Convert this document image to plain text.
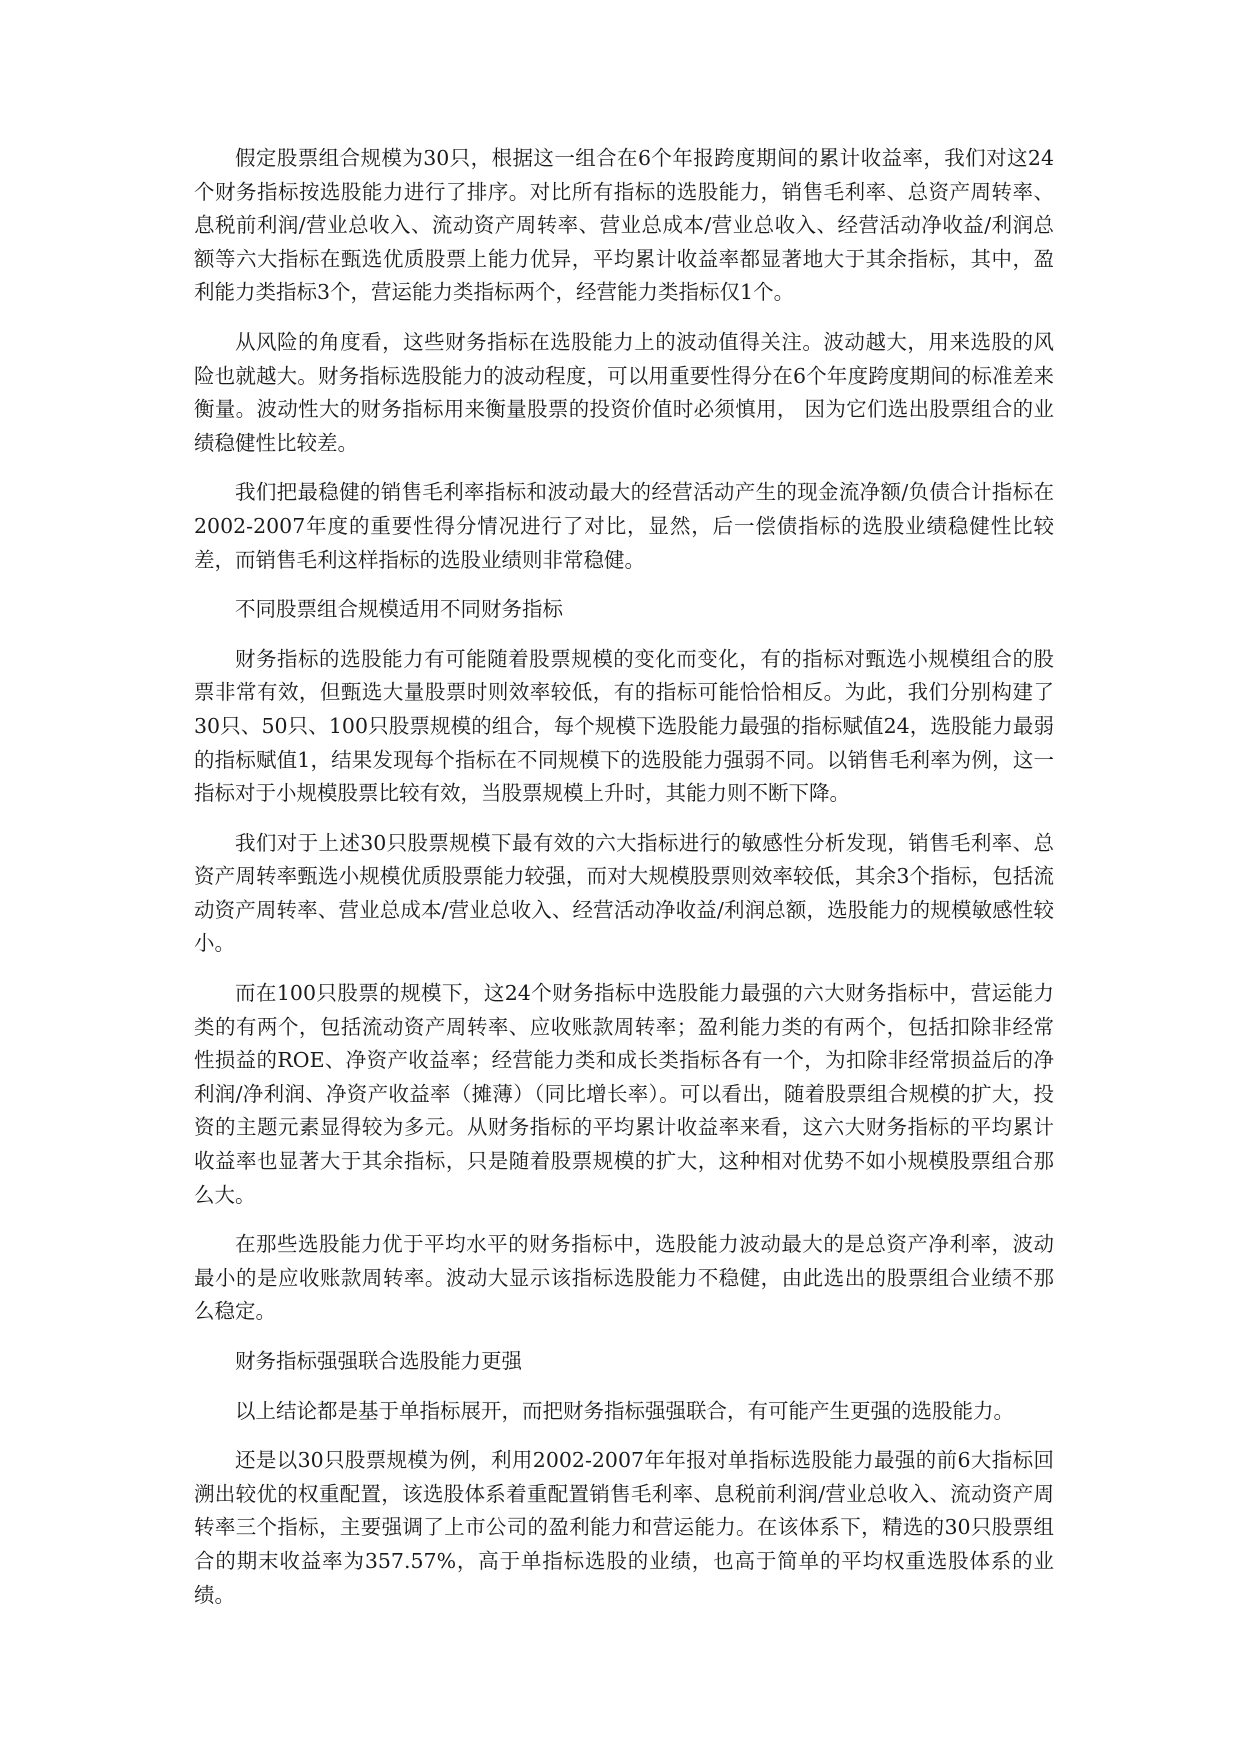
假定股票组合规模为30只，根据这一组合在6个年报跨度期间的累计收益率，我们对这24个财务指标按选股能力进行了排序。对比所有指标的选股能力，销售毛利率、总资产周转率、息税前利润/营业总收入、流动资产周转率、营业总成本/营业总收入、经营活动净收益/利润总额等六大指标在甄选优质股票上能力优异，平均累计收益率都显著地大于其余指标，其中，盈利能力类指标3个，营运能力类指标两个，经营能力类指标仅1个。

从风险的角度看，这些财务指标在选股能力上的波动值得关注。波动越大，用来选股的风险也就越大。财务指标选股能力的波动程度，可以用重要性得分在6个年度跨度期间的标准差来衡量。波动性大的财务指标用来衡量股票的投资价值时必须慎用， 因为它们选出股票组合的业绩稳健性比较差。

我们把最稳健的销售毛利率指标和波动最大的经营活动产生的现金流净额/负债合计指标在2002-2007年度的重要性得分情况进行了对比，显然，后一偿债指标的选股业绩稳健性比较差，而销售毛利这样指标的选股业绩则非常稳健。

不同股票组合规模适用不同财务指标

财务指标的选股能力有可能随着股票规模的变化而变化，有的指标对甄选小规模组合的股票非常有效，但甄选大量股票时则效率较低，有的指标可能恰恰相反。为此，我们分别构建了30只、50只、100只股票规模的组合，每个规模下选股能力最强的指标赋值24，选股能力最弱的指标赋值1，结果发现每个指标在不同规模下的选股能力强弱不同。以销售毛利率为例，这一指标对于小规模股票比较有效，当股票规模上升时，其能力则不断下降。

我们对于上述30只股票规模下最有效的六大指标进行的敏感性分析发现，销售毛利率、总资产周转率甄选小规模优质股票能力较强，而对大规模股票则效率较低，其余3个指标，包括流动资产周转率、营业总成本/营业总收入、经营活动净收益/利润总额，选股能力的规模敏感性较小。

而在100只股票的规模下，这24个财务指标中选股能力最强的六大财务指标中，营运能力类的有两个，包括流动资产周转率、应收账款周转率；盈利能力类的有两个，包括扣除非经常性损益的ROE、净资产收益率；经营能力类和成长类指标各有一个，为扣除非经常损益后的净利润/净利润、净资产收益率（摊薄）（同比增长率）。可以看出，随着股票组合规模的扩大，投资的主题元素显得较为多元。从财务指标的平均累计收益率来看，这六大财务指标的平均累计收益率也显著大于其余指标，只是随着股票规模的扩大，这种相对优势不如小规模股票组合那么大。

在那些选股能力优于平均水平的财务指标中，选股能力波动最大的是总资产净利率，波动最小的是应收账款周转率。波动大显示该指标选股能力不稳健，由此选出的股票组合业绩不那么稳定。

财务指标强强联合选股能力更强

以上结论都是基于单指标展开，而把财务指标强强联合，有可能产生更强的选股能力。

还是以30只股票规模为例，利用2002-2007年年报对单指标选股能力最强的前6大指标回溯出较优的权重配置，该选股体系着重配置销售毛利率、息税前利润/营业总收入、流动资产周转率三个指标，主要强调了上市公司的盈利能力和营运能力。在该体系下，精选的30只股票组合的期末收益率为357.57%，高于单指标选股的业绩，也高于简单的平均权重选股体系的业绩。
